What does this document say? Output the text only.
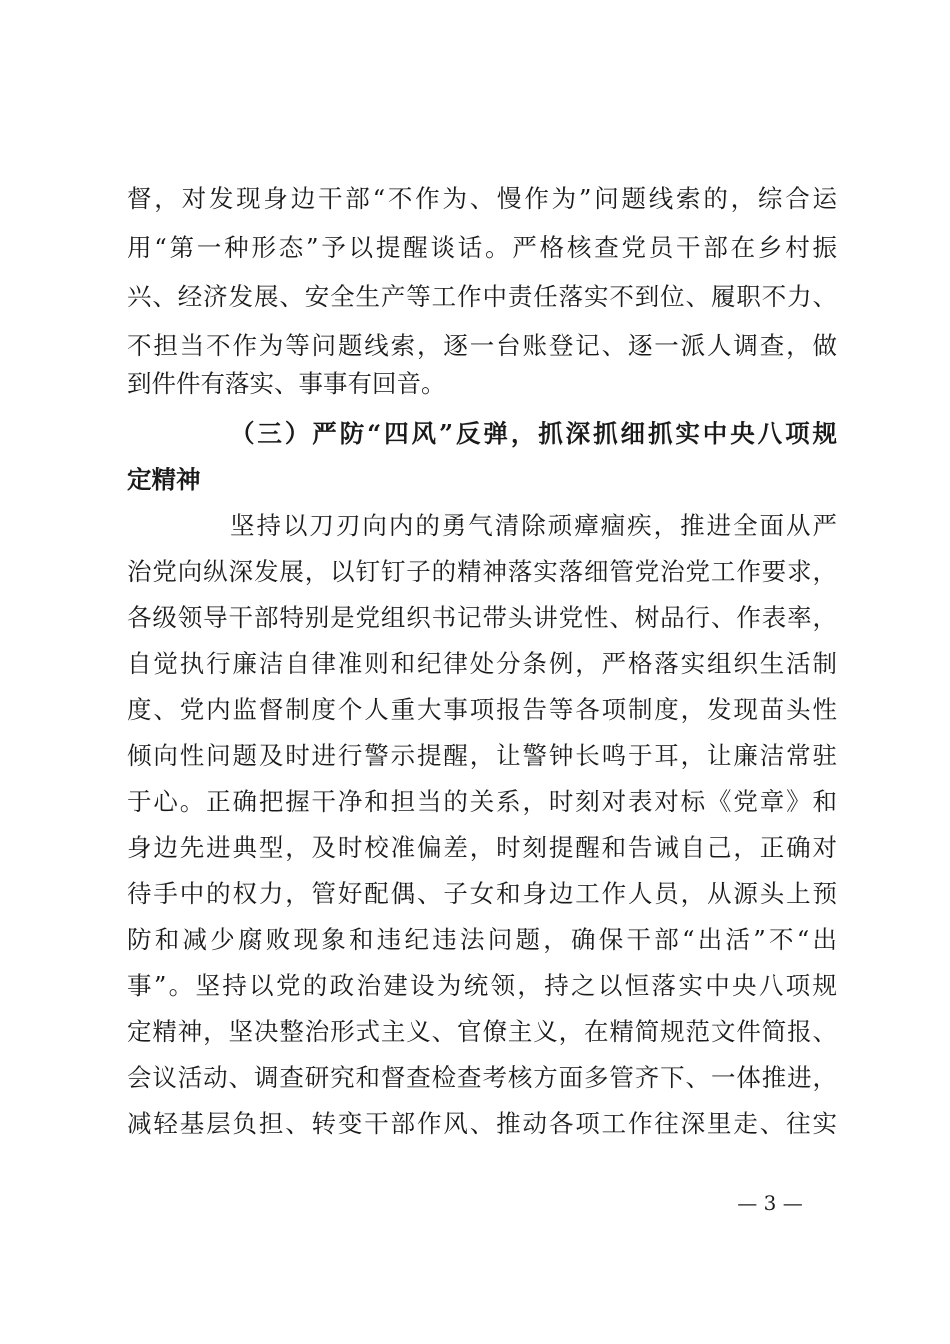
督，对发现身边干部“不作为、慢作为”问题线索的，综合运
用“第一种形态”予以提醒谈话。严格核查党员干部在乡村振
兴、经济发展、安全生产等工作中责任落实不到位、履职不力、
不担当不作为等问题线索，逐一台账登记、逐一派人调查，做
到件件有落实、事事有回音。
（三）严防“四风”反弹，抓深抓细抓实中央八项规
定精神
坚持以刀刃向内的勇气清除顽瘴痼疾，推进全面从严
治党向纵深发展，以钉钉子的精神落实落细管党治党工作要求，
各级领导干部特别是党组织书记带头讲党性、树品行、作表率，
自觉执行廉洁自律准则和纪律处分条例，严格落实组织生活制
度、党内监督制度个人重大事项报告等各项制度，发现苗头性
倾向性问题及时进行警示提醒，让警钟长鸣于耳，让廉洁常驻
于心。正确把握干净和担当的关系，时刻对表对标《党章》和
身边先进典型，及时校准偏差，时刻提醒和告诫自己，正确对
待手中的权力，管好配偶、子女和身边工作人员，从源头上预
防和减少腐败现象和违纪违法问题，确保干部“出活”不“出
事”。坚持以党的政治建设为统领，持之以恒落实中央八项规
定精神，坚决整治形式主义、官僚主义，在精简规范文件简报、
会议活动、调查研究和督查检查考核方面多管齐下、一体推进，
减轻基层负担、转变干部作风、推动各项工作往深里走、往实
— 3 —
